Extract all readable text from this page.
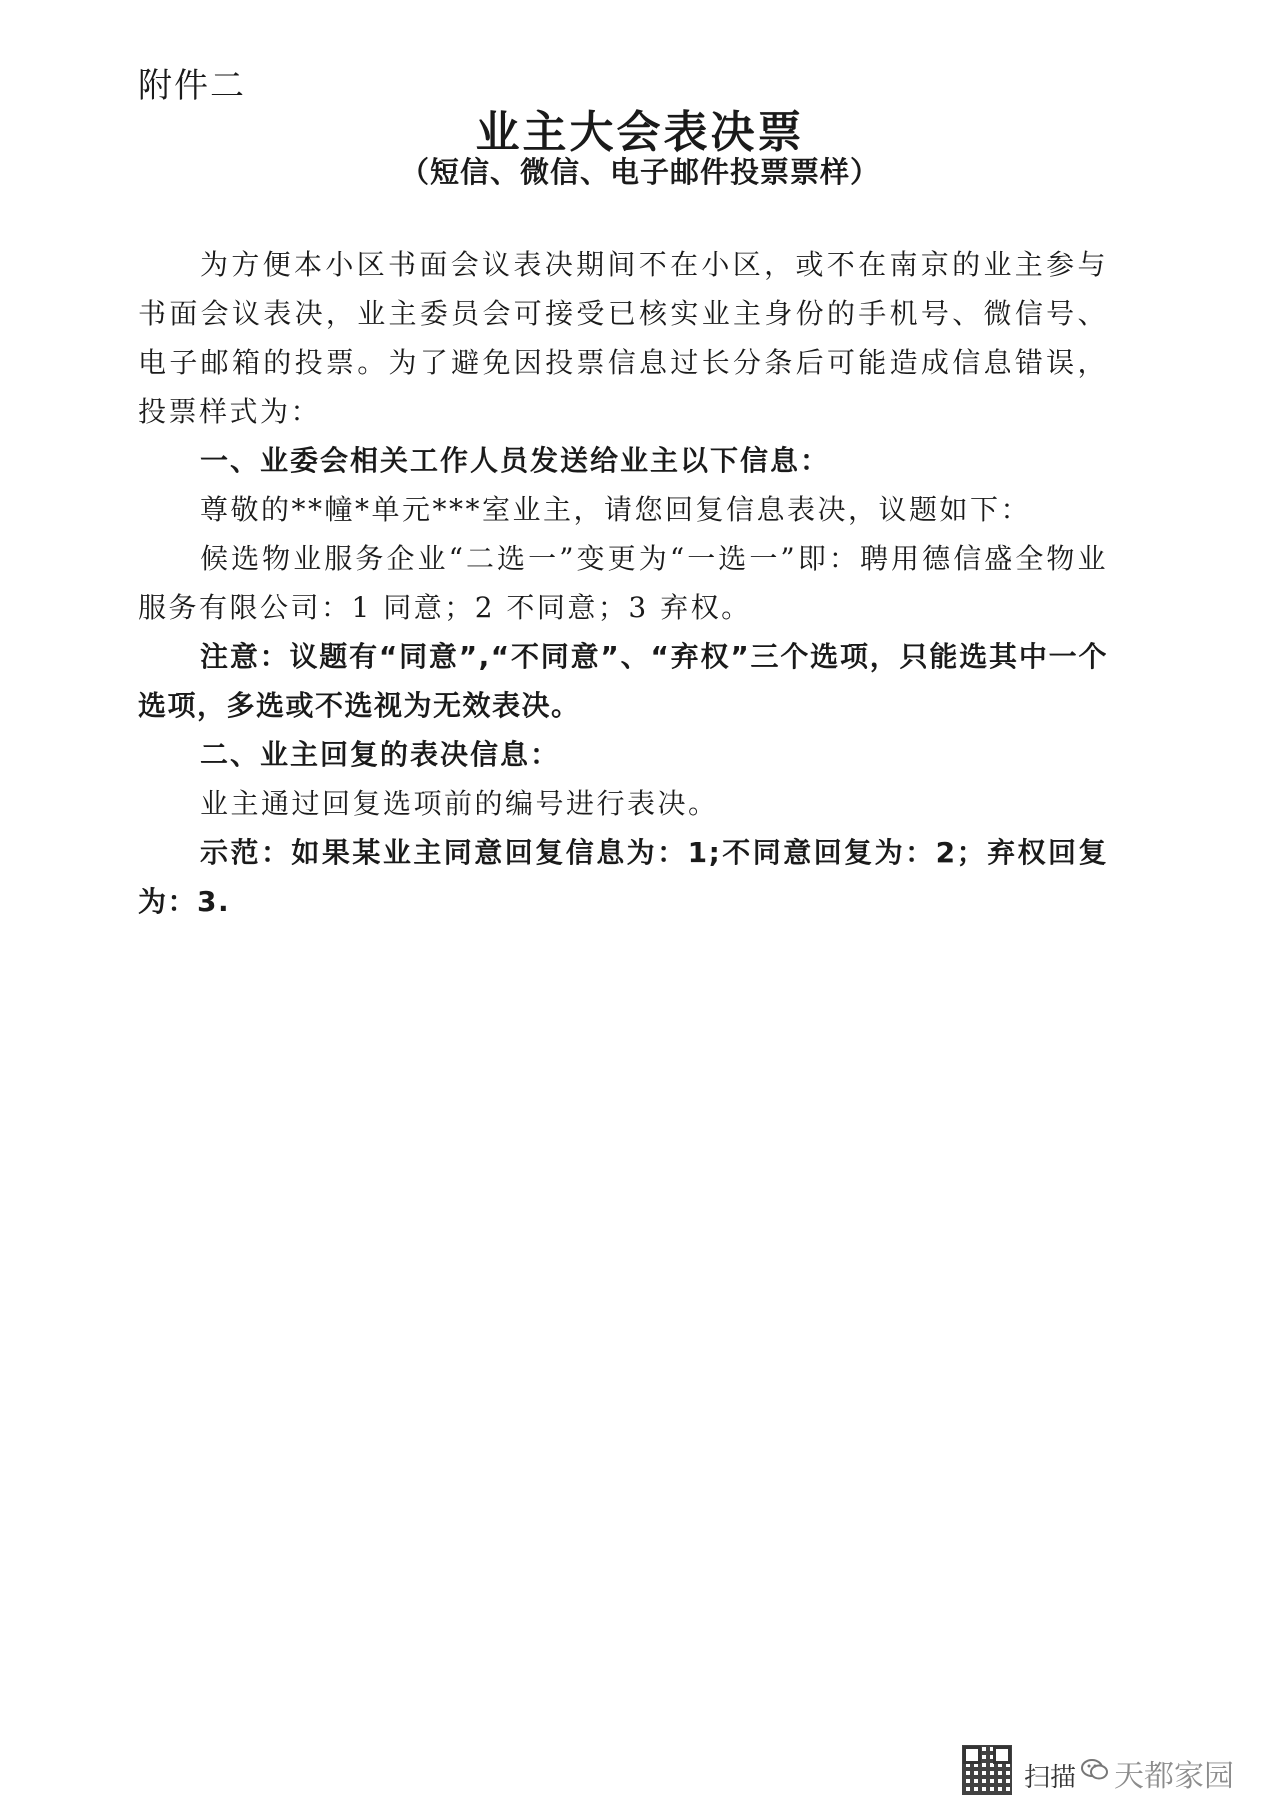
附件二
业主大会表决票
（短信、微信、电子邮件投票票样）

为方便本小区书面会议表决期间不在小区，或不在南京的业主参与书面会议表决，业主委员会可接受已核实业主身份的手机号、微信号、电子邮箱的投票。为了避免因投票信息过长分条后可能造成信息错误，投票样式为：

一、业委会相关工作人员发送给业主以下信息：

尊敬的**幢*单元***室业主，请您回复信息表决，议题如下：

候选物业服务企业“二选一”变更为“一选一”即：聘用德信盛全物业服务有限公司：1 同意；2 不同意；3 弃权。

注意：议题有“同意”,“不同意”、“弃权”三个选项，只能选其中一个选项，多选或不选视为无效表决。

二、业主回复的表决信息：

业主通过回复选项前的编号进行表决。

示范：如果某业主同意回复信息为：1;不同意回复为：2；弃权回复为：3.

扫描 天都家园
